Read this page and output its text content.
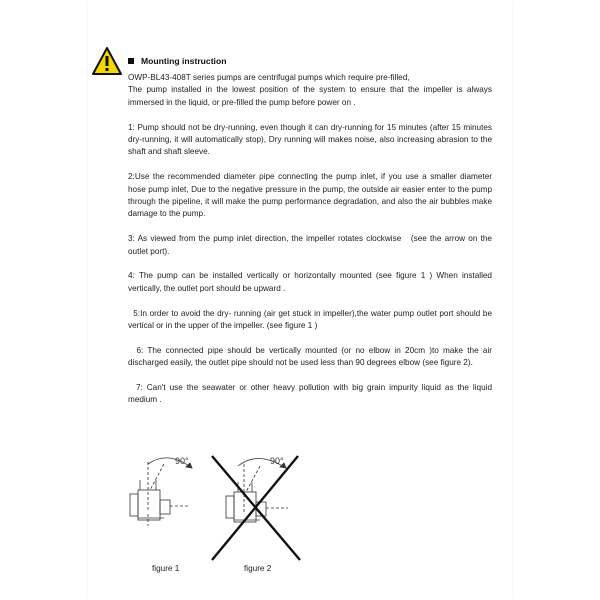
Mounting instruction

OWP-BL43-408T series pumps are centrifugal pumps which require pre-filled,

The pump installed in the lowest position of the system to ensure that the impeller is always immersed in the liquid, or pre-filled the pump before power on .

1: Pump should not be dry-running, even though it can dry-running for 15 minutes (after 15 minutes dry-running, it will automatically stop), Dry running will makes noise, also increasing abrasion to the shaft and shaft sleeve.

2:Use the recommended diameter pipe connecting the pump inlet, if you use a smaller diameter hose pump inlet, Due to the negative pressure in the pump, the outside air easier enter to the pump through the pipeline, it will make the pump performance degradation, and also the air bubbles make damage to the pump.

3: As viewed from the pump inlet direction, the impeller rotates clockwise   (see the arrow on the outlet port).

4: The pump can be installed vertically or horizontally mounted (see figure 1 ) When installed vertically, the outlet port should be upward .

5:In order to avoid the dry- running (air get stuck in impeller),the water pump outlet port should be vertical or in the upper of the impeller. (see figure 1 )

6: The connected pipe should be vertically mounted (or no elbow in 20cm )to make the air discharged easily, the outlet pipe should not be used less than 90 degrees elbow (see figure 2).

7: Can't use the seawater or other heavy pollution with big grain impurity liquid as the liquid medium .

90°	90°
figure 1	figure 2
